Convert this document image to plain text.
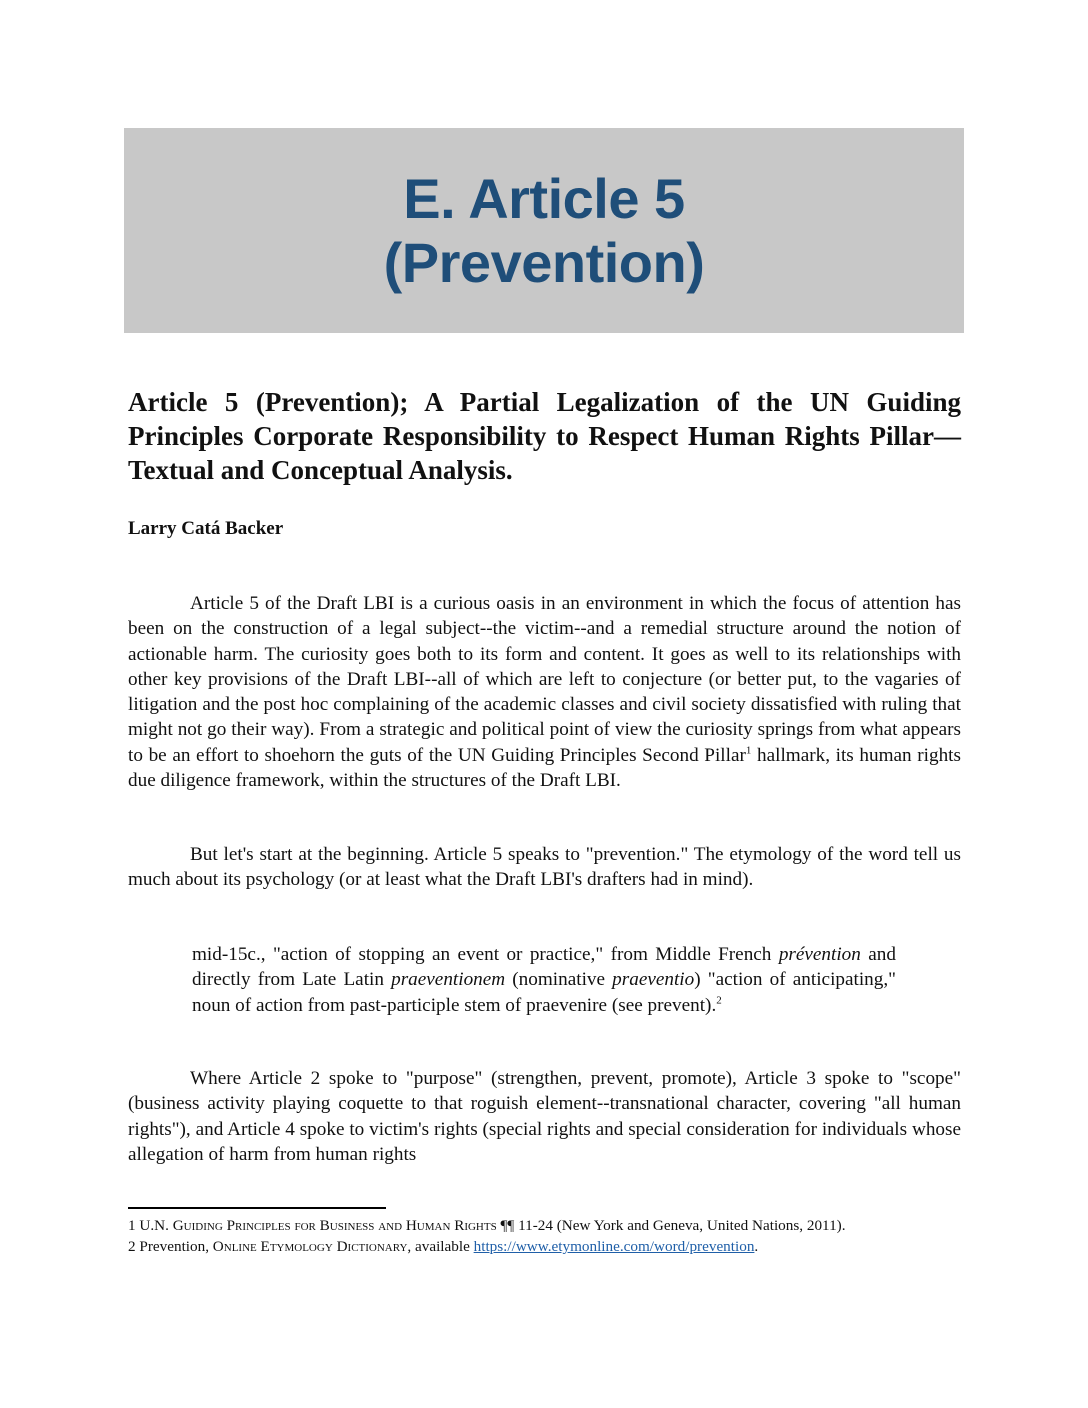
E. Article 5
(Prevention)
Article 5 (Prevention); A Partial Legalization of the UN Guiding Principles Corporate Responsibility to Respect Human Rights Pillar—Textual and Conceptual Analysis.
Larry Catá Backer
Article 5 of the Draft LBI is a curious oasis in an environment in which the focus of attention has been on the construction of a legal subject--the victim--and a remedial structure around the notion of actionable harm. The curiosity goes both to its form and content. It goes as well to its relationships with other key provisions of the Draft LBI--all of which are left to conjecture (or better put, to the vagaries of litigation and the post hoc complaining of the academic classes and civil society dissatisfied with ruling that might not go their way). From a strategic and political point of view the curiosity springs from what appears to be an effort to shoehorn the guts of the UN Guiding Principles Second Pillar$^1$ hallmark, its human rights due diligence framework, within the structures of the Draft LBI.
But let's start at the beginning. Article 5 speaks to "prevention." The etymology of the word tell us much about its psychology (or at least what the Draft LBI's drafters had in mind).
mid-15c., "action of stopping an event or practice," from Middle French prévention and directly from Late Latin praeventionem (nominative praeventio) "action of anticipating," noun of action from past-participle stem of praevenire (see prevent).$^2$
Where Article 2 spoke to "purpose" (strengthen, prevent, promote), Article 3 spoke to "scope" (business activity playing coquette to that roguish element--transnational character, covering "all human rights"), and Article 4 spoke to victim's rights (special rights and special consideration for individuals whose allegation of harm from human rights
1 U.N. Guiding Principles for Business and Human Rights ¶¶ 11-24 (New York and Geneva, United Nations, 2011).
2 Prevention, Online Etymology Dictionary, available https://www.etymonline.com/word/prevention.
